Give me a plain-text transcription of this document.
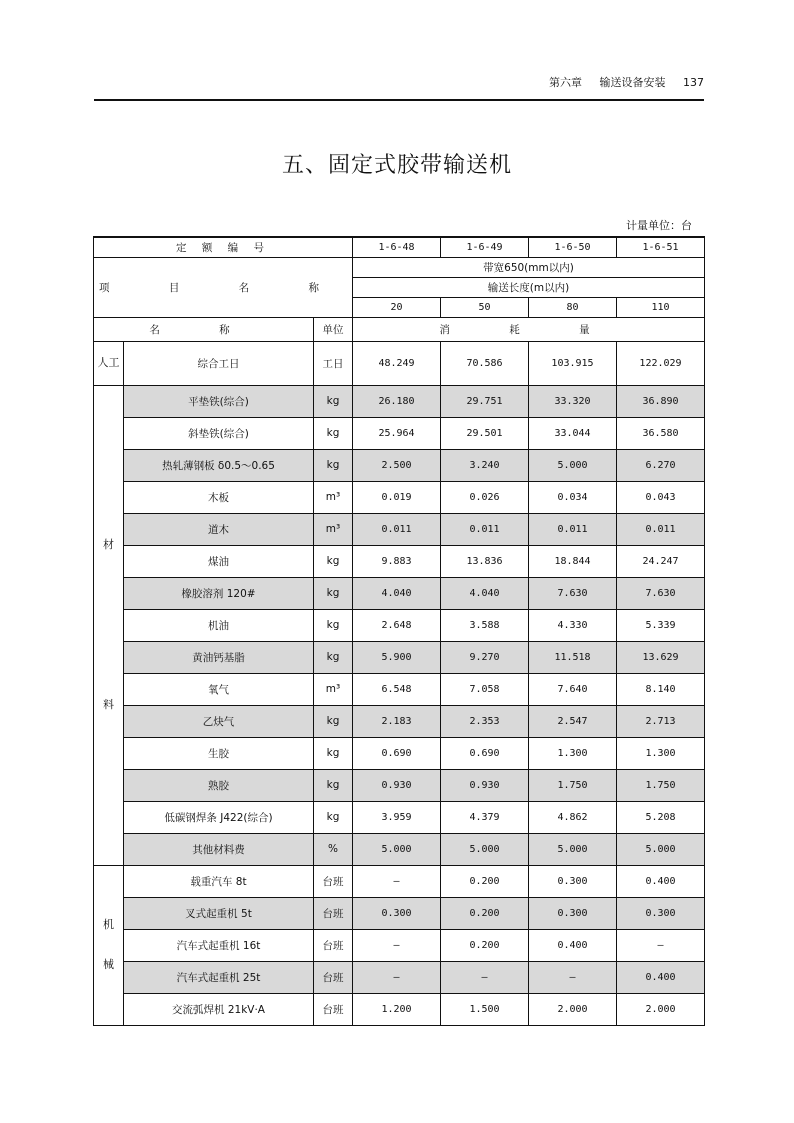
第六章 输送设备安装 137
五、固定式胶带输送机
计量单位：台
定 额 编 号			1-6-48	1-6-49	1-6-50	1-6-51
项 目 名 称			带宽650(mm以内)			
			输送长度(m以内)			
			20	50	80	110
名 称		单位	消 耗 量			
人工	综合工日	工日	48.249	70.586	103.915	122.029

材
料	平垫铁(综合)	kg	26.180	29.751	33.320	36.890
	斜垫铁(综合)	kg	25.964	29.501	33.044	36.580
	热轧薄钢板 δ0.5～0.65	kg	2.500	3.240	5.000	6.270
	木板	m³	0.019	0.026	0.034	0.043
	道木	m³	0.011	0.011	0.011	0.011
	煤油	kg	9.883	13.836	18.844	24.247
	橡胶溶剂 120#	kg	4.040	4.040	7.630	7.630
	机油	kg	2.648	3.588	4.330	5.339
	黄油钙基脂	kg	5.900	9.270	11.518	13.629
	氧气	m³	6.548	7.058	7.640	8.140
	乙炔气	kg	2.183	2.353	2.547	2.713
	生胶	kg	0.690	0.690	1.300	1.300
	熟胶	kg	0.930	0.930	1.750	1.750
	低碳钢焊条 J422(综合)	kg	3.959	4.379	4.862	5.208
	其他材料费	%	5.000	5.000	5.000	5.000

机
械	载重汽车 8t	台班	—	0.200	0.300	0.400
	叉式起重机 5t	台班	0.300	0.200	0.300	0.300
	汽车式起重机 16t	台班	—	0.200	0.400	—
	汽车式起重机 25t	台班	—	—	—	0.400
	交流弧焊机 21kV·A	台班	1.200	1.500	2.000	2.000
